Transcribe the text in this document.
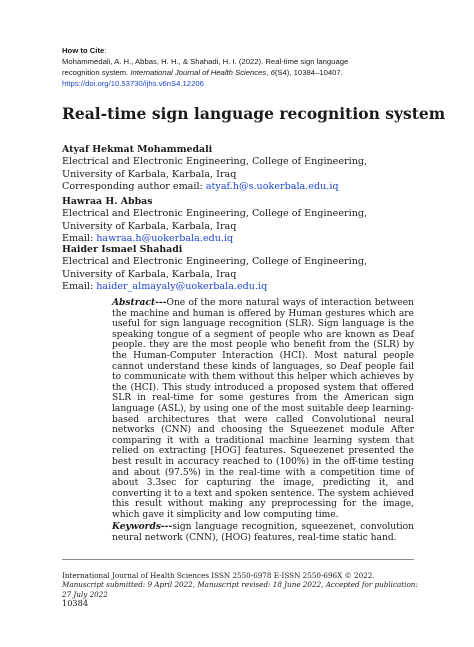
How to Cite:
Mohammedali, A. H., Abbas, H. H., & Shahadi, H. I. (2022). Real-time sign language
recognition system. International Journal of Health Sciences, 6(S4), 10384–10407.
https://doi.org/10.53730/ijhs.v6nS4.12206
Real-time sign language recognition system
Atyaf Hekmat Mohammedali
Electrical and Electronic Engineering, College of Engineering, University of Karbala, Karbala, Iraq
Corresponding author email: atyaf.h@s.uokerbala.edu.iq
Hawraa H. Abbas
Electrical and Electronic Engineering, College of Engineering, University of Karbala, Karbala, Iraq
Email: hawraa.h@uokerbala.edu.iq
Haider Ismael Shahadi
Electrical and Electronic Engineering, College of Engineering, University of Karbala, Karbala, Iraq
Email: haider_almayaly@uokerbala.edu.iq
Abstract---One of the more natural ways of interaction between the machine and human is offered by Human gestures which are useful for sign language recognition (SLR). Sign language is the speaking tongue of a segment of people who are known as Deaf people. they are the most people who benefit from the (SLR) by the Human-Computer Interaction (HCI). Most natural people cannot understand these kinds of languages, so Deaf people fail to communicate with them without this helper which achieves by the (HCI). This study introduced a proposed system that offered SLR in real-time for some gestures from the American sign language (ASL), by using one of the most suitable deep learning-based architectures that were called Convolutional neural networks (CNN) and choosing the Squeezenet module After comparing it with a traditional machine learning system that relied on extracting [HOG] features. Squeezenet presented the best result in accuracy reached to (100%) in the off-time testing and about (97.5%) in the real-time with a competition time of about 3.3sec for capturing the image, predicting it, and converting it to a text and spoken sentence. The system achieved this result without making any preprocessing for the image, which gave it simplicity and low computing time.
Keywords---sign language recognition, squeezenet, convolution neural network (CNN), (HOG) features, real-time static hand.
International Journal of Health Sciences ISSN 2550-6978 E-ISSN 2550-696X © 2022.
Manuscript submitted: 9 April 2022, Manuscript revised: 18 June 2022, Accepted for publication: 27 July 2022
10384
